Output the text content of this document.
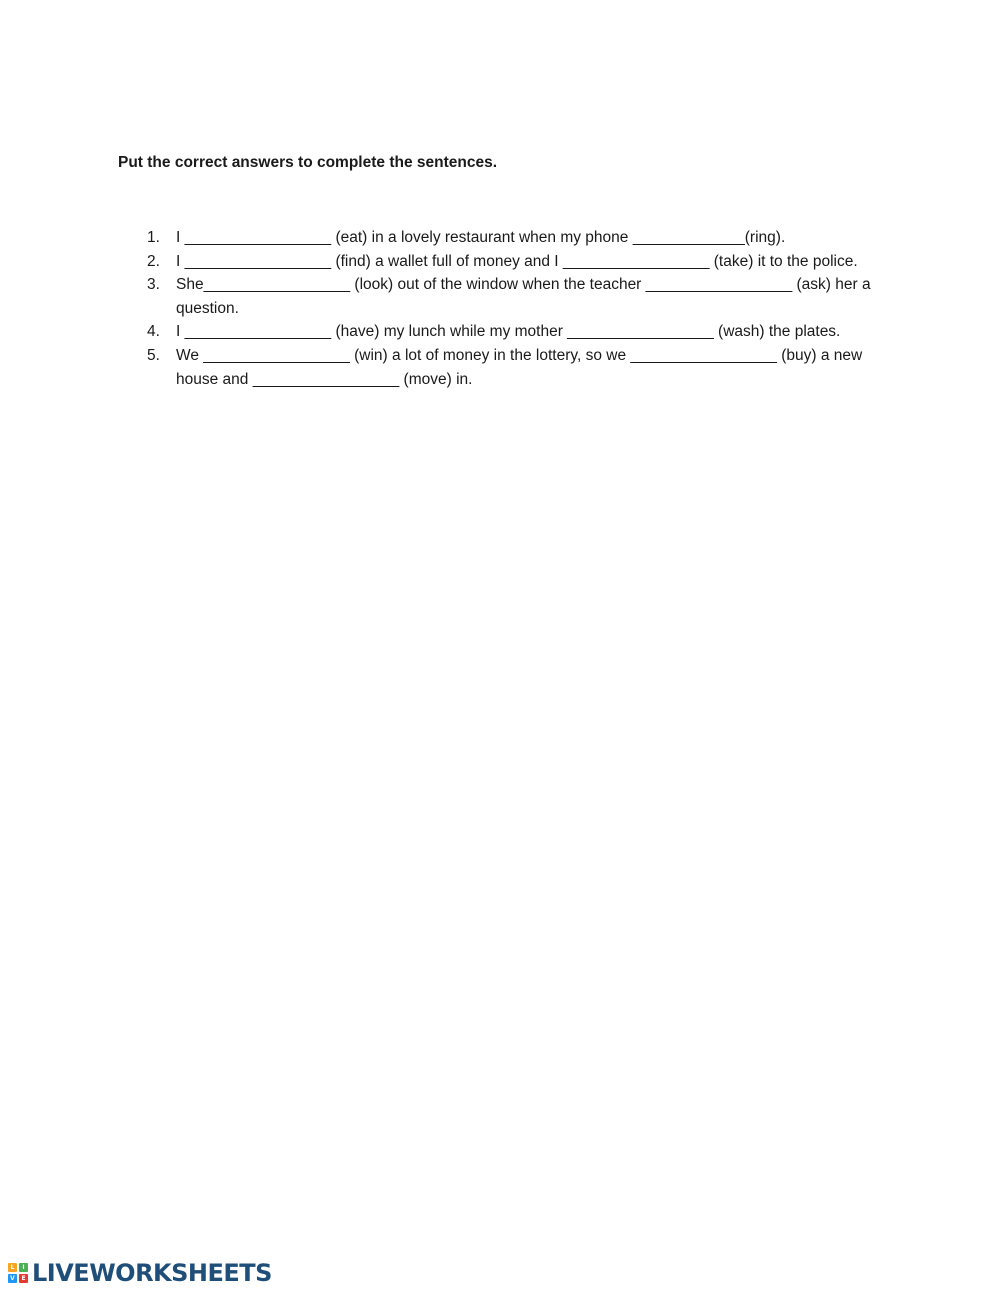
Put the correct answers to complete the sentences.

1. I _________________ (eat) in a lovely restaurant when my phone _____________(ring).
2. I _________________ (find) a wallet full of money and I _________________ (take) it to the police.
3. She_________________ (look) out of the window when the teacher _________________ (ask) her a question.
4. I _________________ (have) my lunch while my mother _________________ (wash) the plates.
5. We _________________ (win) a lot of money in the lottery, so we _________________ (buy) a new house and _________________ (move) in.
L	I
V	E LIVEWORKSHEETS
